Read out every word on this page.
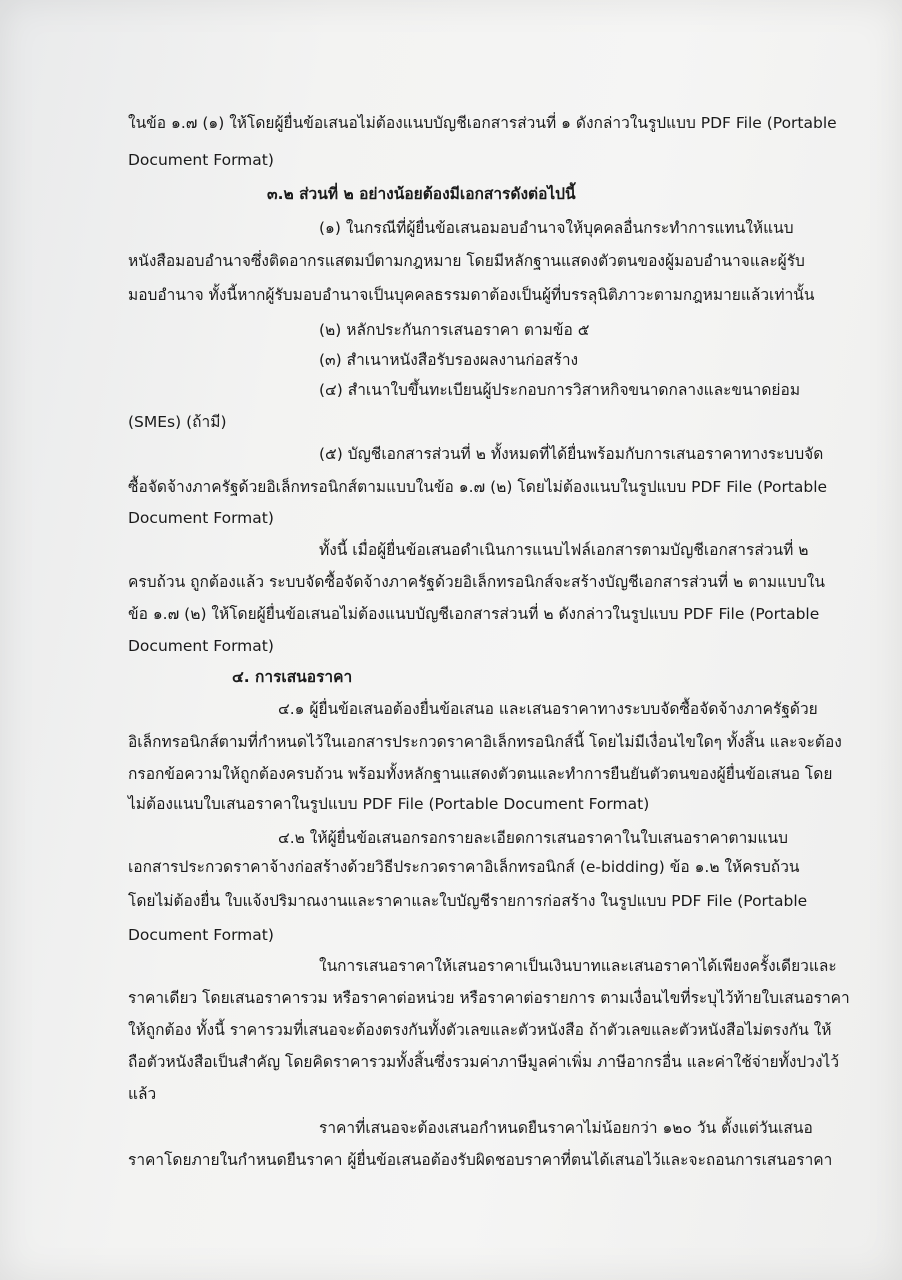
ในข้อ ๑.๗ (๑) ให้โดยผู้ยื่นข้อเสนอไม่ต้องแนบบัญชีเอกสารส่วนที่ ๑ ดังกล่าวในรูปแบบ PDF File (Portable
Document Format)
๓.๒ ส่วนที่ ๒ อย่างน้อยต้องมีเอกสารดังต่อไปนี้
(๑) ในกรณีที่ผู้ยื่นข้อเสนอมอบอำนาจให้บุคคลอื่นกระทำการแทนให้แนบ
หนังสือมอบอำนาจซึ่งติดอากรแสตมป์ตามกฎหมาย โดยมีหลักฐานแสดงตัวตนของผู้มอบอำนาจและผู้รับ
มอบอำนาจ ทั้งนี้หากผู้รับมอบอำนาจเป็นบุคคลธรรมดาต้องเป็นผู้ที่บรรลุนิติภาวะตามกฎหมายแล้วเท่านั้น
(๒) หลักประกันการเสนอราคา ตามข้อ ๕
(๓) สำเนาหนังสือรับรองผลงานก่อสร้าง
(๔) สำเนาใบขึ้นทะเบียนผู้ประกอบการวิสาหกิจขนาดกลางและขนาดย่อม
(SMEs) (ถ้ามี)
(๕) บัญชีเอกสารส่วนที่ ๒ ทั้งหมดที่ได้ยื่นพร้อมกับการเสนอราคาทางระบบจัด
ซื้อจัดจ้างภาครัฐด้วยอิเล็กทรอนิกส์ตามแบบในข้อ ๑.๗ (๒) โดยไม่ต้องแนบในรูปแบบ PDF File (Portable
Document Format)
ทั้งนี้ เมื่อผู้ยื่นข้อเสนอดำเนินการแนบไฟล์เอกสารตามบัญชีเอกสารส่วนที่ ๒
ครบถ้วน ถูกต้องแล้ว ระบบจัดซื้อจัดจ้างภาครัฐด้วยอิเล็กทรอนิกส์จะสร้างบัญชีเอกสารส่วนที่ ๒ ตามแบบใน
ข้อ ๑.๗ (๒) ให้โดยผู้ยื่นข้อเสนอไม่ต้องแนบบัญชีเอกสารส่วนที่ ๒ ดังกล่าวในรูปแบบ PDF File (Portable
Document Format)
๔. การเสนอราคา
๔.๑ ผู้ยื่นข้อเสนอต้องยื่นข้อเสนอ และเสนอราคาทางระบบจัดซื้อจัดจ้างภาครัฐด้วย
อิเล็กทรอนิกส์ตามที่กำหนดไว้ในเอกสารประกวดราคาอิเล็กทรอนิกส์นี้ โดยไม่มีเงื่อนไขใดๆ ทั้งสิ้น และจะต้อง
กรอกข้อความให้ถูกต้องครบถ้วน พร้อมทั้งหลักฐานแสดงตัวตนและทำการยืนยันตัวตนของผู้ยื่นข้อเสนอ โดย
ไม่ต้องแนบใบเสนอราคาในรูปแบบ PDF File (Portable Document Format)
๔.๒ ให้ผู้ยื่นข้อเสนอกรอกรายละเอียดการเสนอราคาในใบเสนอราคาตามแนบ
เอกสารประกวดราคาจ้างก่อสร้างด้วยวิธีประกวดราคาอิเล็กทรอนิกส์ (e-bidding) ข้อ ๑.๒ ให้ครบถ้วน
โดยไม่ต้องยื่น ใบแจ้งปริมาณงานและราคาและใบบัญชีรายการก่อสร้าง ในรูปแบบ PDF File (Portable
Document Format)
ในการเสนอราคาให้เสนอราคาเป็นเงินบาทและเสนอราคาได้เพียงครั้งเดียวและ
ราคาเดียว โดยเสนอราคารวม หรือราคาต่อหน่วย หรือราคาต่อรายการ ตามเงื่อนไขที่ระบุไว้ท้ายใบเสนอราคา
ให้ถูกต้อง ทั้งนี้ ราคารวมที่เสนอจะต้องตรงกันทั้งตัวเลขและตัวหนังสือ ถ้าตัวเลขและตัวหนังสือไม่ตรงกัน ให้
ถือตัวหนังสือเป็นสำคัญ โดยคิดราคารวมทั้งสิ้นซึ่งรวมค่าภาษีมูลค่าเพิ่ม ภาษีอากรอื่น และค่าใช้จ่ายทั้งปวงไว้
แล้ว
ราคาที่เสนอจะต้องเสนอกำหนดยืนราคาไม่น้อยกว่า ๑๒๐ วัน ตั้งแต่วันเสนอ
ราคาโดยภายในกำหนดยืนราคา ผู้ยื่นข้อเสนอต้องรับผิดชอบราคาที่ตนได้เสนอไว้และจะถอนการเสนอราคา
